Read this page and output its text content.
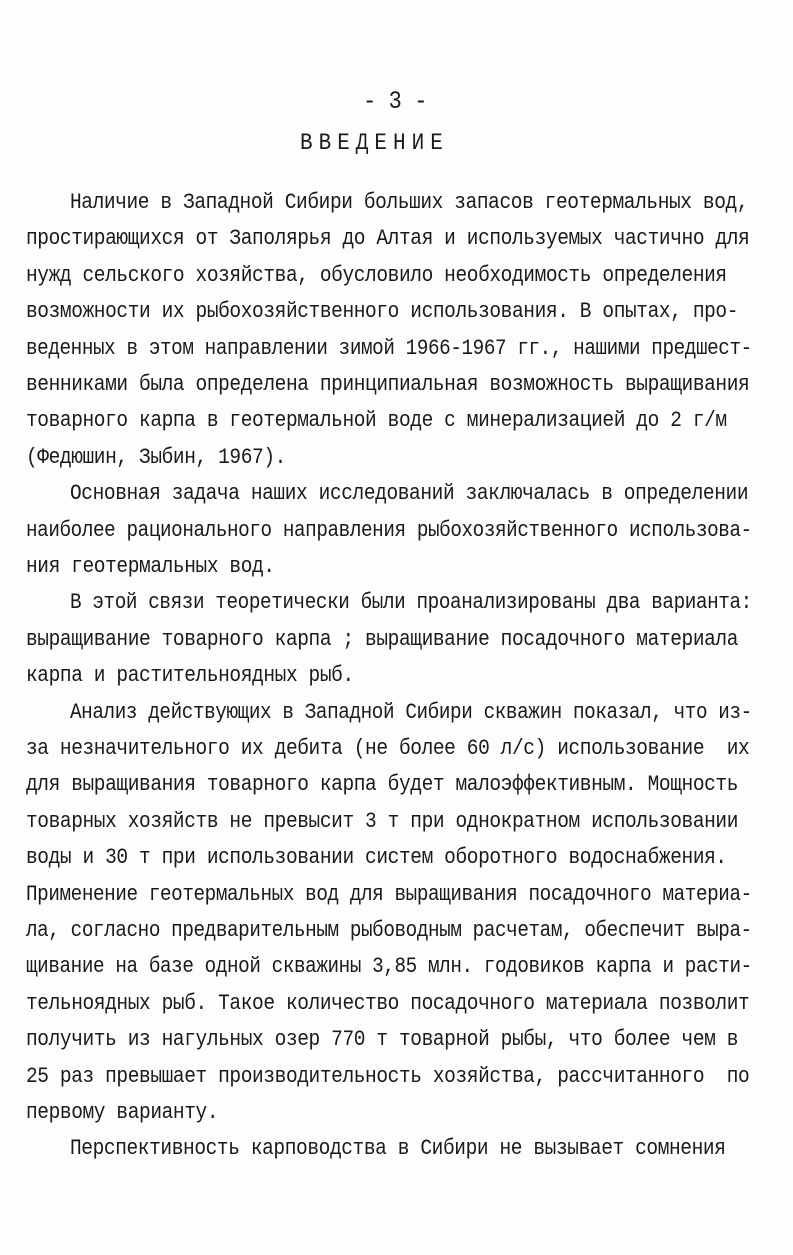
- 3 -
ВВЕДЕНИЕ
Наличие в Западной Сибири больших запасов геотермальных вод,
простирающихся от Заполярья до Алтая и используемых частично для
нужд сельского хозяйства, обусловило необходимость определения
возможности их рыбохозяйственного использования. В опытах, про-
веденных в этом направлении зимой 1966-1967 гг., нашими предшест-
венниками была определена принципиальная возможность выращивания
товарного карпа в геотермальной воде с минерализацией до 2 г/м
(Федюшин, Зыбин, 1967).
Основная задача наших исследований заключалась в определении
наиболее рационального направления рыбохозяйственного использова-
ния геотермальных вод.
В этой связи теоретически были проанализированы два варианта:
выращивание товарного карпа ; выращивание посадочного материала
карпа и растительноядных рыб.
Анализ действующих в Западной Сибири скважин показал, что из-
за незначительного их дебита (не более 60 л/с) использование  их
для выращивания товарного карпа будет малоэффективным. Мощность
товарных хозяйств не превысит 3 т при однократном использовании
воды и 30 т при использовании систем оборотного водоснабжения.
Применение геотермальных вод для выращивания посадочного материа-
ла, согласно предварительным рыбоводным расчетам, обеспечит выра-
щивание на базе одной скважины 3,85 млн. годовиков карпа и расти-
тельноядных рыб. Такое количество посадочного материала позволит
получить из нагульных озер 770 т товарной рыбы, что более чем в
25 раз превышает производительность хозяйства, рассчитанного  по
первому варианту.
Перспективность карповодства в Сибири не вызывает сомнения
